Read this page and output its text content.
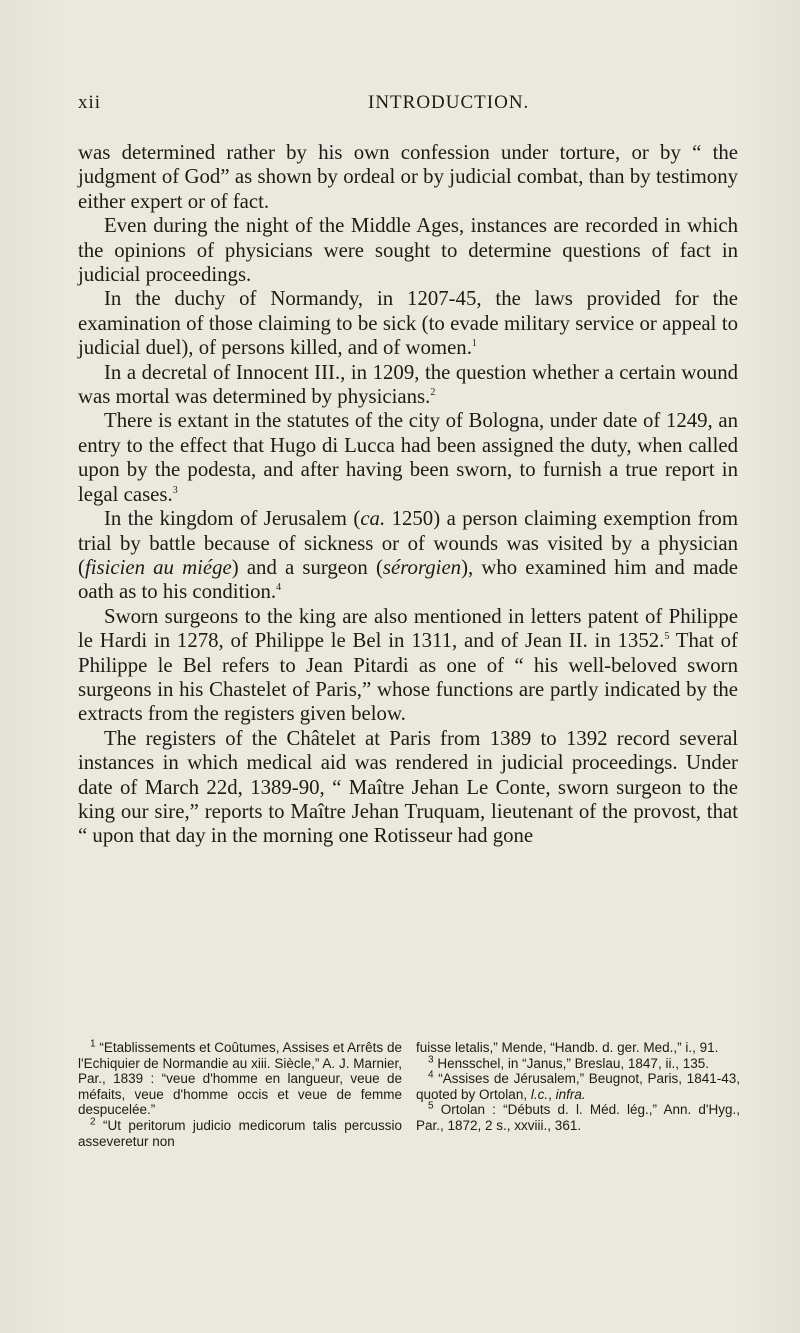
xii	INTRODUCTION.

was determined rather by his own confession under torture, or by “ the judgment of God” as shown by ordeal or by judicial combat, than by testimony either expert or of fact.

Even during the night of the Middle Ages, instances are recorded in which the opinions of physicians were sought to determine questions of fact in judicial proceedings.

In the duchy of Normandy, in 1207-45, the laws provided for the examination of those claiming to be sick (to evade military service or appeal to judicial duel), of persons killed, and of women.$^1$

In a decretal of Innocent III., in 1209, the question whether a certain wound was mortal was determined by physicians.$^2$

There is extant in the statutes of the city of Bologna, under date of 1249, an entry to the effect that Hugo di Lucca had been assigned the duty, when called upon by the podesta, and after having been sworn, to furnish a true report in legal cases.$^3$

In the kingdom of Jerusalem (ca. 1250) a person claiming exemption from trial by battle because of sickness or of wounds was visited by a physician (fisicien au miége) and a surgeon (sérorgien), who examined him and made oath as to his condition.$^4$

Sworn surgeons to the king are also mentioned in letters patent of Philippe le Hardi in 1278, of Philippe le Bel in 1311, and of Jean II. in 1352.$^5$ That of Philippe le Bel refers to Jean Pitardi as one of “ his well-beloved sworn surgeons in his Chastelet of Paris,” whose functions are partly indicated by the extracts from the registers given below.

The registers of the Châtelet at Paris from 1389 to 1392 record several instances in which medical aid was rendered in judicial proceedings. Under date of March 22d, 1389-90, “ Maître Jehan Le Conte, sworn surgeon to the king our sire,” reports to Maître Jehan Truquam, lieutenant of the provost, that “ upon that day in the morning one Rotisseur had gone

$^1$ “Etablissements et Coûtumes, Assises et Arrêts de l'Echiquier de Normandie au xiii. Siècle,” A. J. Marnier, Par., 1839 : “veue d'homme en langueur, veue de méfaits, veue d'homme occis et veue de femme despucelée.”

$^2$ “Ut peritorum judicio medicorum talis percussio asseveretur non

fuisse letalis,” Mende, “Handb. d. ger. Med.,” i., 91.

$^3$ Hensschel, in “Janus,” Breslau, 1847, ii., 135.

$^4$ “Assises de Jérusalem,” Beugnot, Paris, 1841-43, quoted by Ortolan, l.c., infra.

$^5$ Ortolan : “Débuts d. l. Méd. lég.,” Ann. d'Hyg., Par., 1872, 2 s., xxviii., 361.
